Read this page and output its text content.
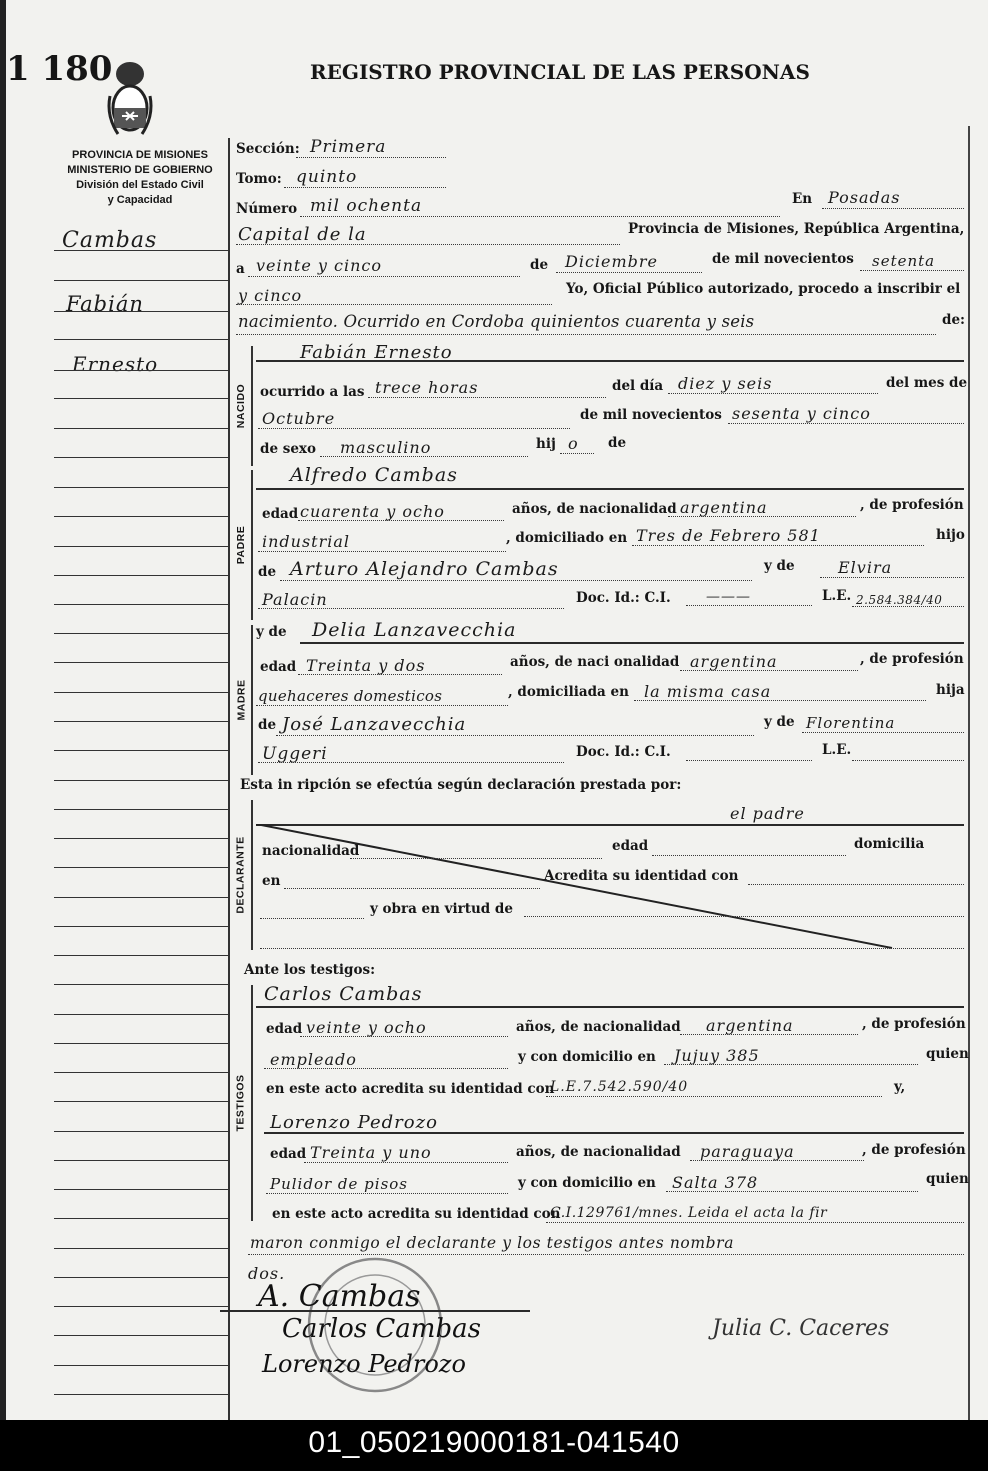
1 180	REGISTRO PROVINCIAL DE LAS PERSONAS
PROVINCIA DE MISIONES
MINISTERIO DE GOBIERNO
División del Estado Civil
y Capacidad
Cambas
Fabián
Ernesto
Sección: Primera
Tomo: quinto
Número mil ochenta	En Posadas
Capital de la	Provincia de Misiones, República Argentina,
a veinte y cinco	de Diciembre	de mil novecientos setenta
y cinco	Yo, Oficial Público autorizado, procedo a inscribir el
nacimiento. Ocurrido en Cordoba quinientos cuarenta y seis	de:
NACIDO
Fabián Ernesto
ocurrido a las trece horas	del día diez y seis	del mes de
Octubre	de mil novecientos sesenta y cinco
de sexo masculino	hij o de
PADRE
Alfredo Cambas
edad cuarenta y ocho	años, de nacionalidad argentina	, de profesión
industrial	, domiciliado en Tres de Febrero 581	hijo
de Arturo Alejandro Cambas	y de	Elvira
Palacin	Doc. Id.: C.I.	———	L.E. 2.584.384/40
MADRE
y de Delia Lanzavecchia
edad Treinta y dos	años, de naci onalidad argentina	, de profesión
quehaceres domesticos	, domiciliada en la misma casa	hija
de José Lanzavecchia	y de Florentina
Uggeri	Doc. Id.: C.I.	L.E.
Esta in ripción se efectúa según declaración prestada por:
DECLARANTE
el padre
nacionalidad	edad	domicilia
en	Acredita su identidad con
y obra en virtud de
Ante los testigos:
TESTIGOS
Carlos Cambas
edad veinte y ocho	años, de nacionalidad argentina	, de profesión
empleado	y con domicilio en Jujuy 385	quien
en este acto acredita su identidad con
L.E.7.542.590/40	y,
Lorenzo Pedrozo
edad Treinta y uno	años, de nacionalidad paraguaya	, de profesión
Pulidor de pisos	y con domicilio en Salta 378	quien
en este acto acredita su identidad con
C.I.129761/mnes. Leida el acta la fir
maron conmigo el declarante y los testigos antes nombra
dos.
A. Cambas
Carlos Cambas
Lorenzo Pedrozo
Julia C. Caceres
01_050219000181-041540
